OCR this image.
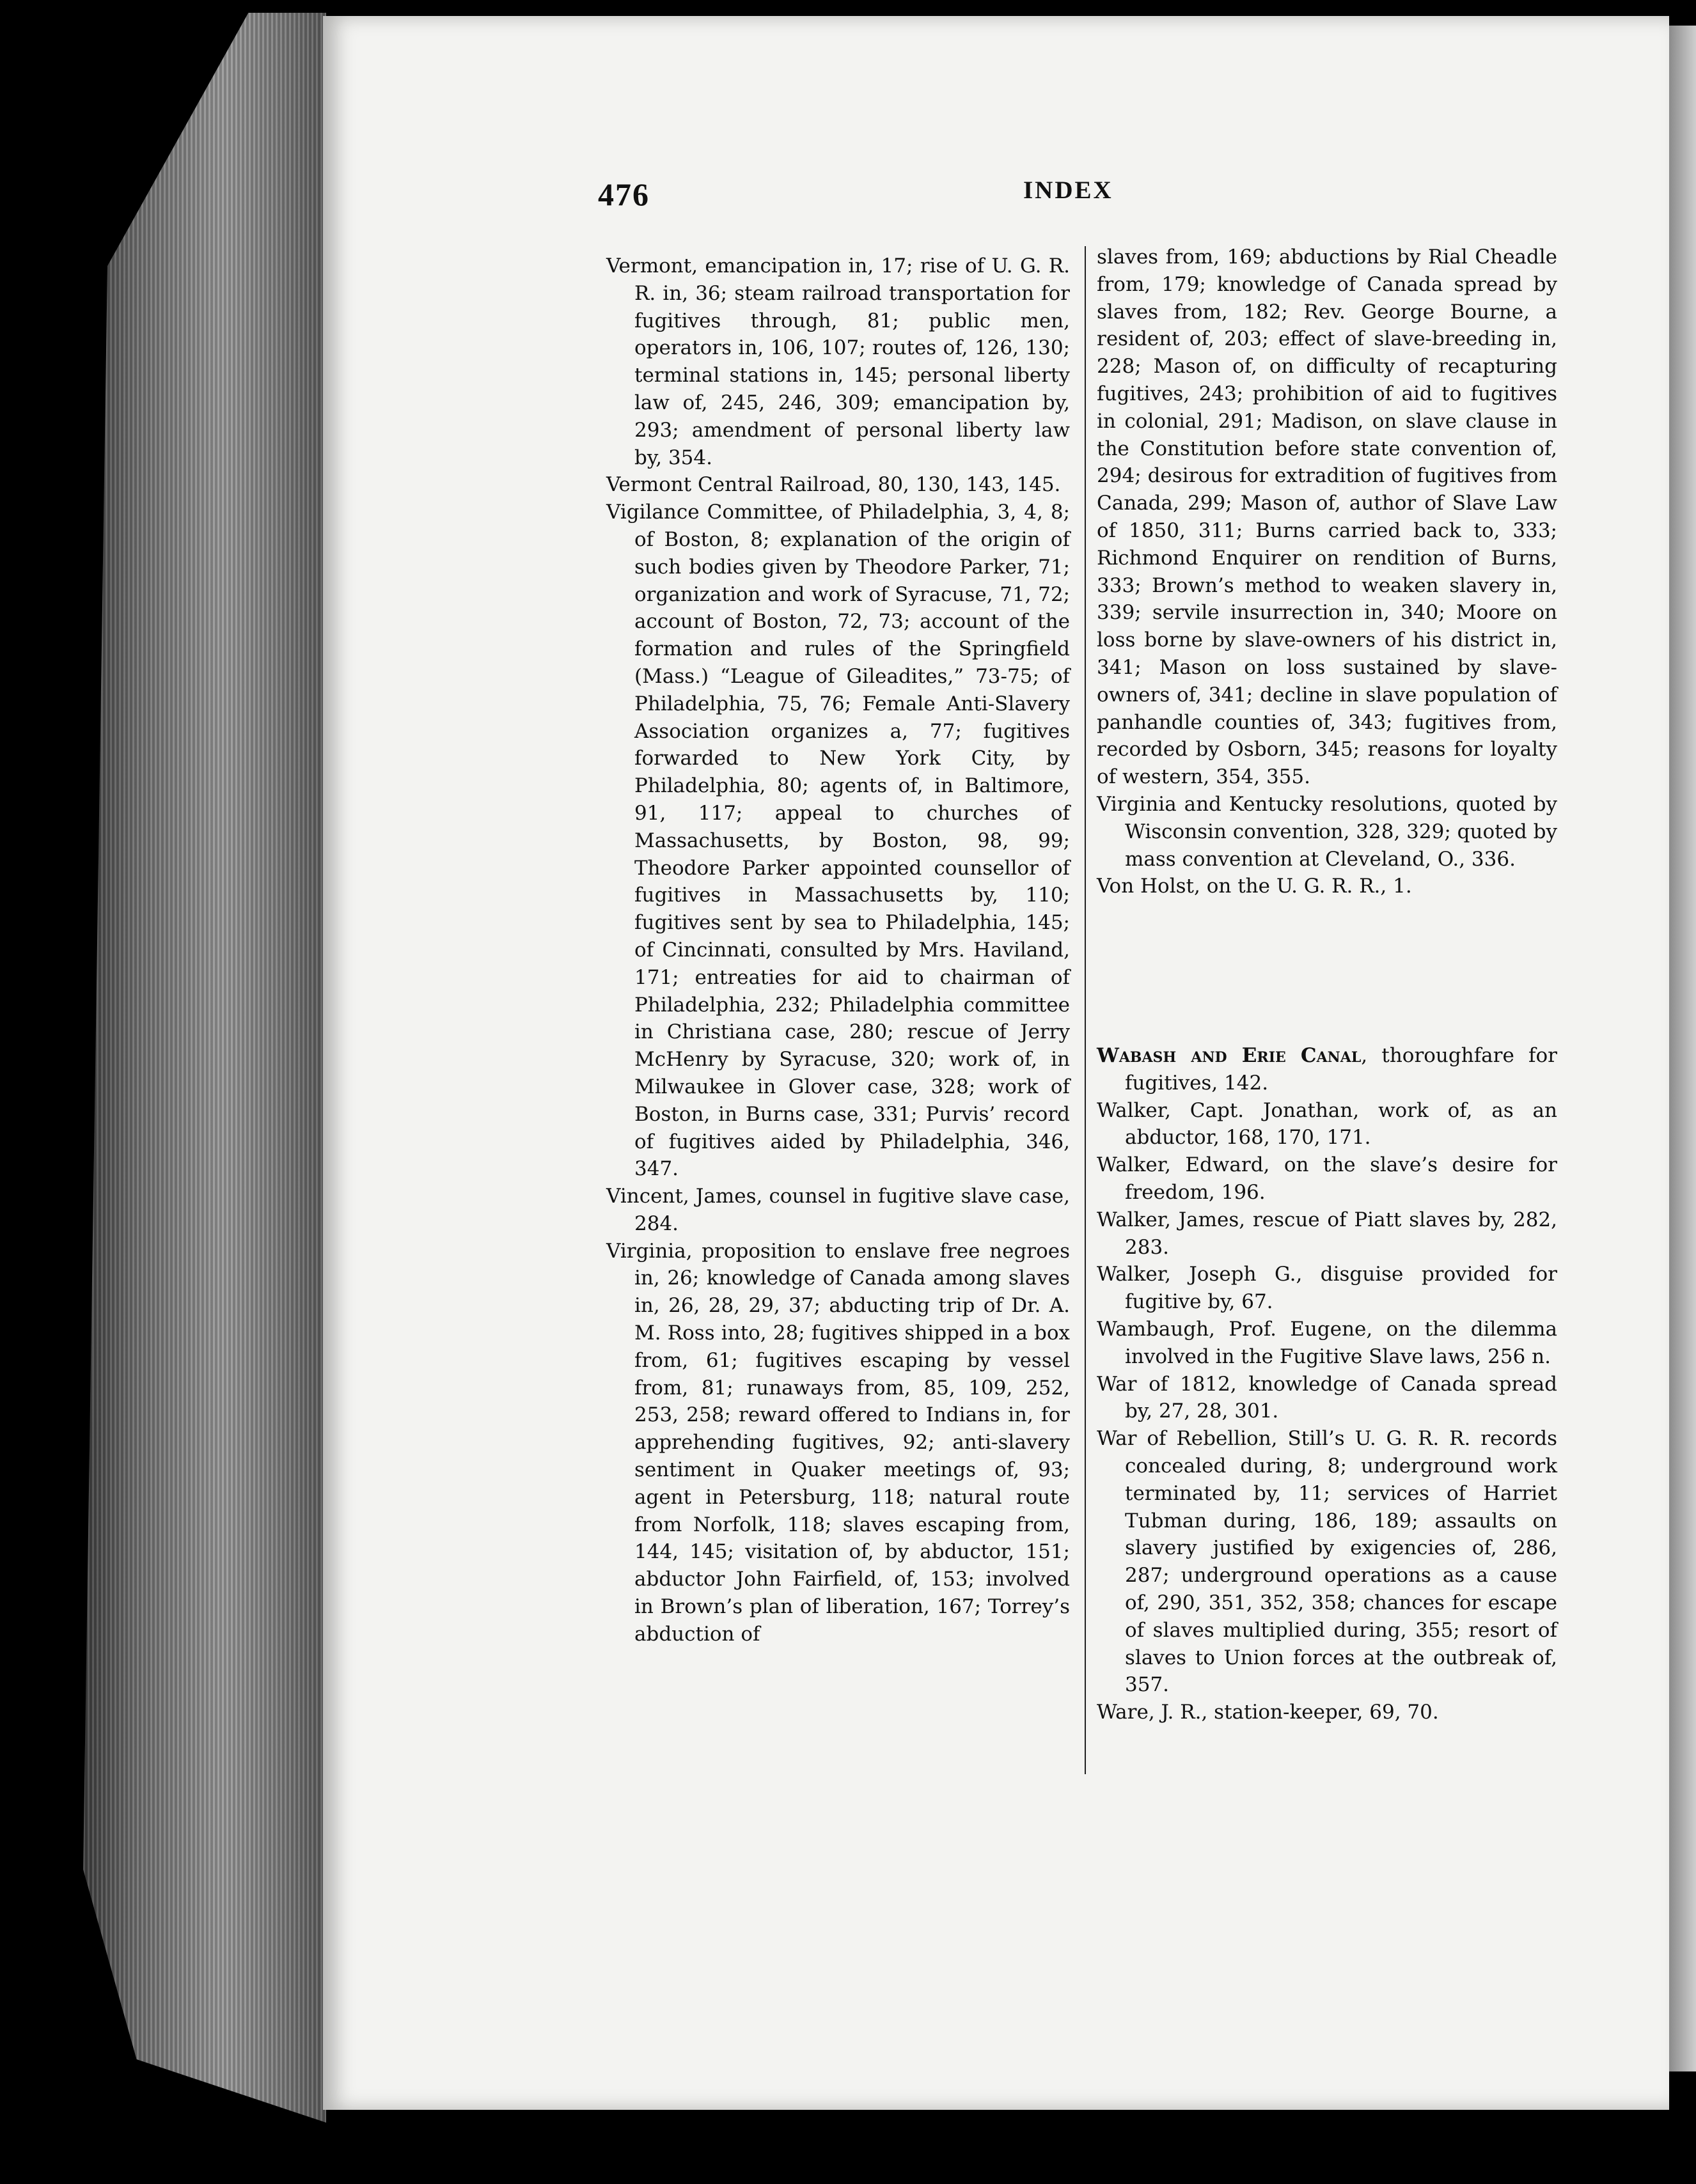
476	INDEX

Vermont, emancipation in, 17; rise of U. G. R. R. in, 36; steam railroad transportation for fugitives through, 81; public men, operators in, 106, 107; routes of, 126, 130; terminal stations in, 145; personal liberty law of, 245, 246, 309; emancipation by, 293; amendment of personal liberty law by, 354.

Vermont Central Railroad, 80, 130, 143, 145.

Vigilance Committee, of Philadelphia, 3, 4, 8; of Boston, 8; explanation of the origin of such bodies given by Theodore Parker, 71; organization and work of Syracuse, 71, 72; account of Boston, 72, 73; account of the formation and rules of the Springfield (Mass.) “League of Gileadites,” 73-75; of Philadelphia, 75, 76; Female Anti-Slavery Association organizes a, 77; fugitives forwarded to New York City, by Philadelphia, 80; agents of, in Baltimore, 91, 117; appeal to churches of Massachusetts, by Boston, 98, 99; Theodore Parker appointed counsellor of fugitives in Massachusetts by, 110; fugitives sent by sea to Philadelphia, 145; of Cincinnati, consulted by Mrs. Haviland, 171; entreaties for aid to chairman of Philadelphia, 232; Philadelphia committee in Christiana case, 280; rescue of Jerry McHenry by Syracuse, 320; work of, in Milwaukee in Glover case, 328; work of Boston, in Burns case, 331; Purvis’ record of fugitives aided by Philadelphia, 346, 347.

Vincent, James, counsel in fugitive slave case, 284.

Virginia, proposition to enslave free negroes in, 26; knowledge of Canada among slaves in, 26, 28, 29, 37; abducting trip of Dr. A. M. Ross into, 28; fugitives shipped in a box from, 61; fugitives escaping by vessel from, 81; runaways from, 85, 109, 252, 253, 258; reward offered to Indians in, for apprehending fugitives, 92; anti-slavery sentiment in Quaker meetings of, 93; agent in Petersburg, 118; natural route from Norfolk, 118; slaves escaping from, 144, 145; visitation of, by abductor, 151; abductor John Fairfield, of, 153; involved in Brown’s plan of liberation, 167; Torrey’s abduction of

slaves from, 169; abductions by Rial Cheadle from, 179; knowledge of Canada spread by slaves from, 182; Rev. George Bourne, a resident of, 203; effect of slave-breeding in, 228; Mason of, on difficulty of recapturing fugitives, 243; prohibition of aid to fugitives in colonial, 291; Madison, on slave clause in the Constitution before state convention of, 294; desirous for extradition of fugitives from Canada, 299; Mason of, author of Slave Law of 1850, 311; Burns carried back to, 333; Richmond Enquirer on rendition of Burns, 333; Brown’s method to weaken slavery in, 339; servile insurrection in, 340; Moore on loss borne by slave-owners of his district in, 341; Mason on loss sustained by slave-owners of, 341; decline in slave population of panhandle counties of, 343; fugitives from, recorded by Osborn, 345; reasons for loyalty of western, 354, 355.

Virginia and Kentucky resolutions, quoted by Wisconsin convention, 328, 329; quoted by mass convention at Cleveland, O., 336.

Von Holst, on the U. G. R. R., 1.

Wabash and Erie Canal, thoroughfare for fugitives, 142.

Walker, Capt. Jonathan, work of, as an abductor, 168, 170, 171.

Walker, Edward, on the slave’s desire for freedom, 196.

Walker, James, rescue of Piatt slaves by, 282, 283.

Walker, Joseph G., disguise provided for fugitive by, 67.

Wambaugh, Prof. Eugene, on the dilemma involved in the Fugitive Slave laws, 256 n.

War of 1812, knowledge of Canada spread by, 27, 28, 301.

War of Rebellion, Still’s U. G. R. R. records concealed during, 8; underground work terminated by, 11; services of Harriet Tubman during, 186, 189; assaults on slavery justified by exigencies of, 286, 287; underground operations as a cause of, 290, 351, 352, 358; chances for escape of slaves multiplied during, 355; resort of slaves to Union forces at the outbreak of, 357.

Ware, J. R., station-keeper, 69, 70.
